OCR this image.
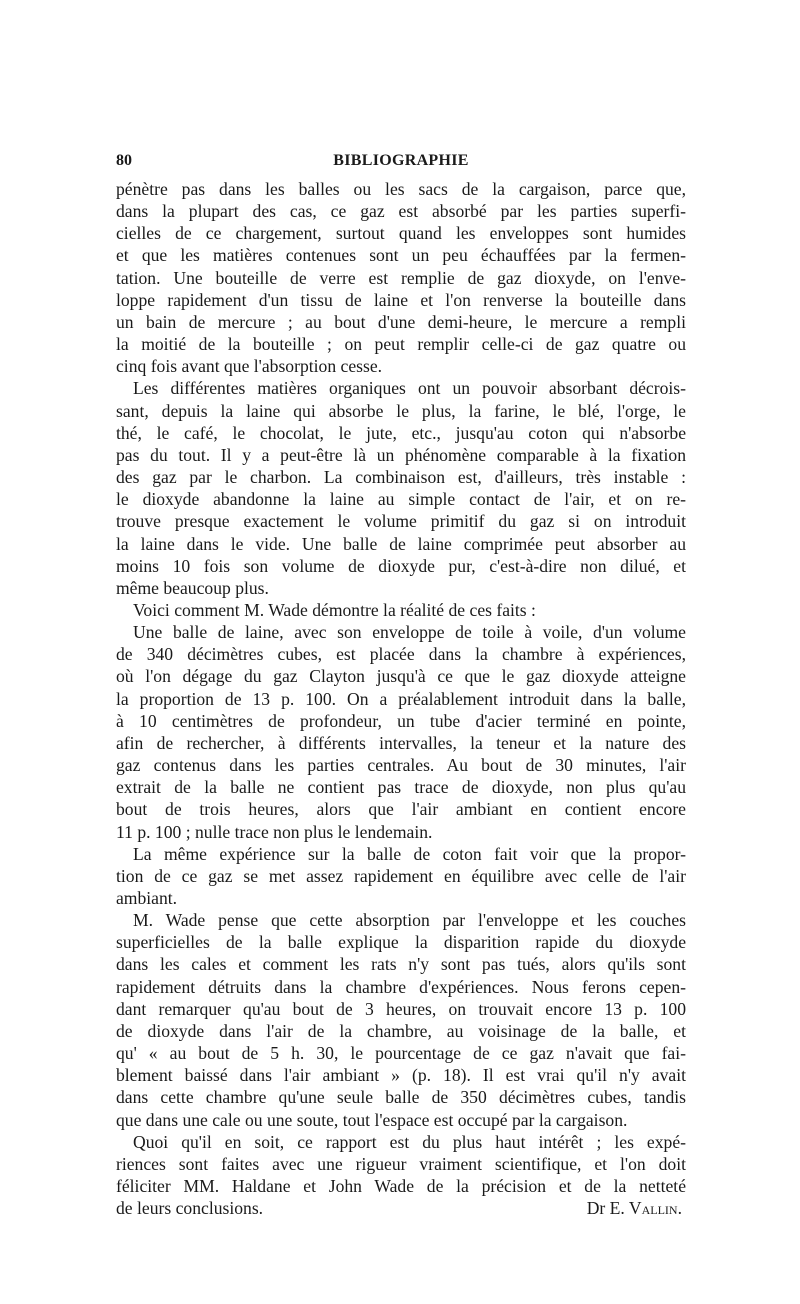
80	BIBLIOGRAPHIE
pénètre pas dans les balles ou les sacs de la cargaison, parce que,
dans la plupart des cas, ce gaz est absorbé par les parties superfi-
cielles de ce chargement, surtout quand les enveloppes sont humides
et que les matières contenues sont un peu échauffées par la fermen-
tation. Une bouteille de verre est remplie de gaz dioxyde, on l'enve-
loppe rapidement d'un tissu de laine et l'on renverse la bouteille dans
un bain de mercure ; au bout d'une demi-heure, le mercure a rempli
la moitié de la bouteille ; on peut remplir celle-ci de gaz quatre ou
cinq fois avant que l'absorption cesse.
Les différentes matières organiques ont un pouvoir absorbant décrois-
sant, depuis la laine qui absorbe le plus, la farine, le blé, l'orge, le
thé, le café, le chocolat, le jute, etc., jusqu'au coton qui n'absorbe
pas du tout. Il y a peut-être là un phénomène comparable à la fixation
des gaz par le charbon. La combinaison est, d'ailleurs, très instable :
le dioxyde abandonne la laine au simple contact de l'air, et on re-
trouve presque exactement le volume primitif du gaz si on introduit
la laine dans le vide. Une balle de laine comprimée peut absorber au
moins 10 fois son volume de dioxyde pur, c'est-à-dire non dilué, et
même beaucoup plus.
Voici comment M. Wade démontre la réalité de ces faits :
Une balle de laine, avec son enveloppe de toile à voile, d'un volume
de 340 décimètres cubes, est placée dans la chambre à expériences,
où l'on dégage du gaz Clayton jusqu'à ce que le gaz dioxyde atteigne
la proportion de 13 p. 100. On a préalablement introduit dans la balle,
à 10 centimètres de profondeur, un tube d'acier terminé en pointe,
afin de rechercher, à différents intervalles, la teneur et la nature des
gaz contenus dans les parties centrales. Au bout de 30 minutes, l'air
extrait de la balle ne contient pas trace de dioxyde, non plus qu'au
bout de trois heures, alors que l'air ambiant en contient encore
11 p. 100 ; nulle trace non plus le lendemain.
La même expérience sur la balle de coton fait voir que la propor-
tion de ce gaz se met assez rapidement en équilibre avec celle de l'air
ambiant.
M. Wade pense que cette absorption par l'enveloppe et les couches
superficielles de la balle explique la disparition rapide du dioxyde
dans les cales et comment les rats n'y sont pas tués, alors qu'ils sont
rapidement détruits dans la chambre d'expériences. Nous ferons cepen-
dant remarquer qu'au bout de 3 heures, on trouvait encore 13 p. 100
de dioxyde dans l'air de la chambre, au voisinage de la balle, et
qu' « au bout de 5 h. 30, le pourcentage de ce gaz n'avait que fai-
blement baissé dans l'air ambiant » (p. 18). Il est vrai qu'il n'y avait
dans cette chambre qu'une seule balle de 350 décimètres cubes, tandis
que dans une cale ou une soute, tout l'espace est occupé par la cargaison.
Quoi qu'il en soit, ce rapport est du plus haut intérêt ; les expé-
riences sont faites avec une rigueur vraiment scientifique, et l'on doit
féliciter MM. Haldane et John Wade de la précision et de la netteté
de leurs conclusions.	Dr E. Vallin.
